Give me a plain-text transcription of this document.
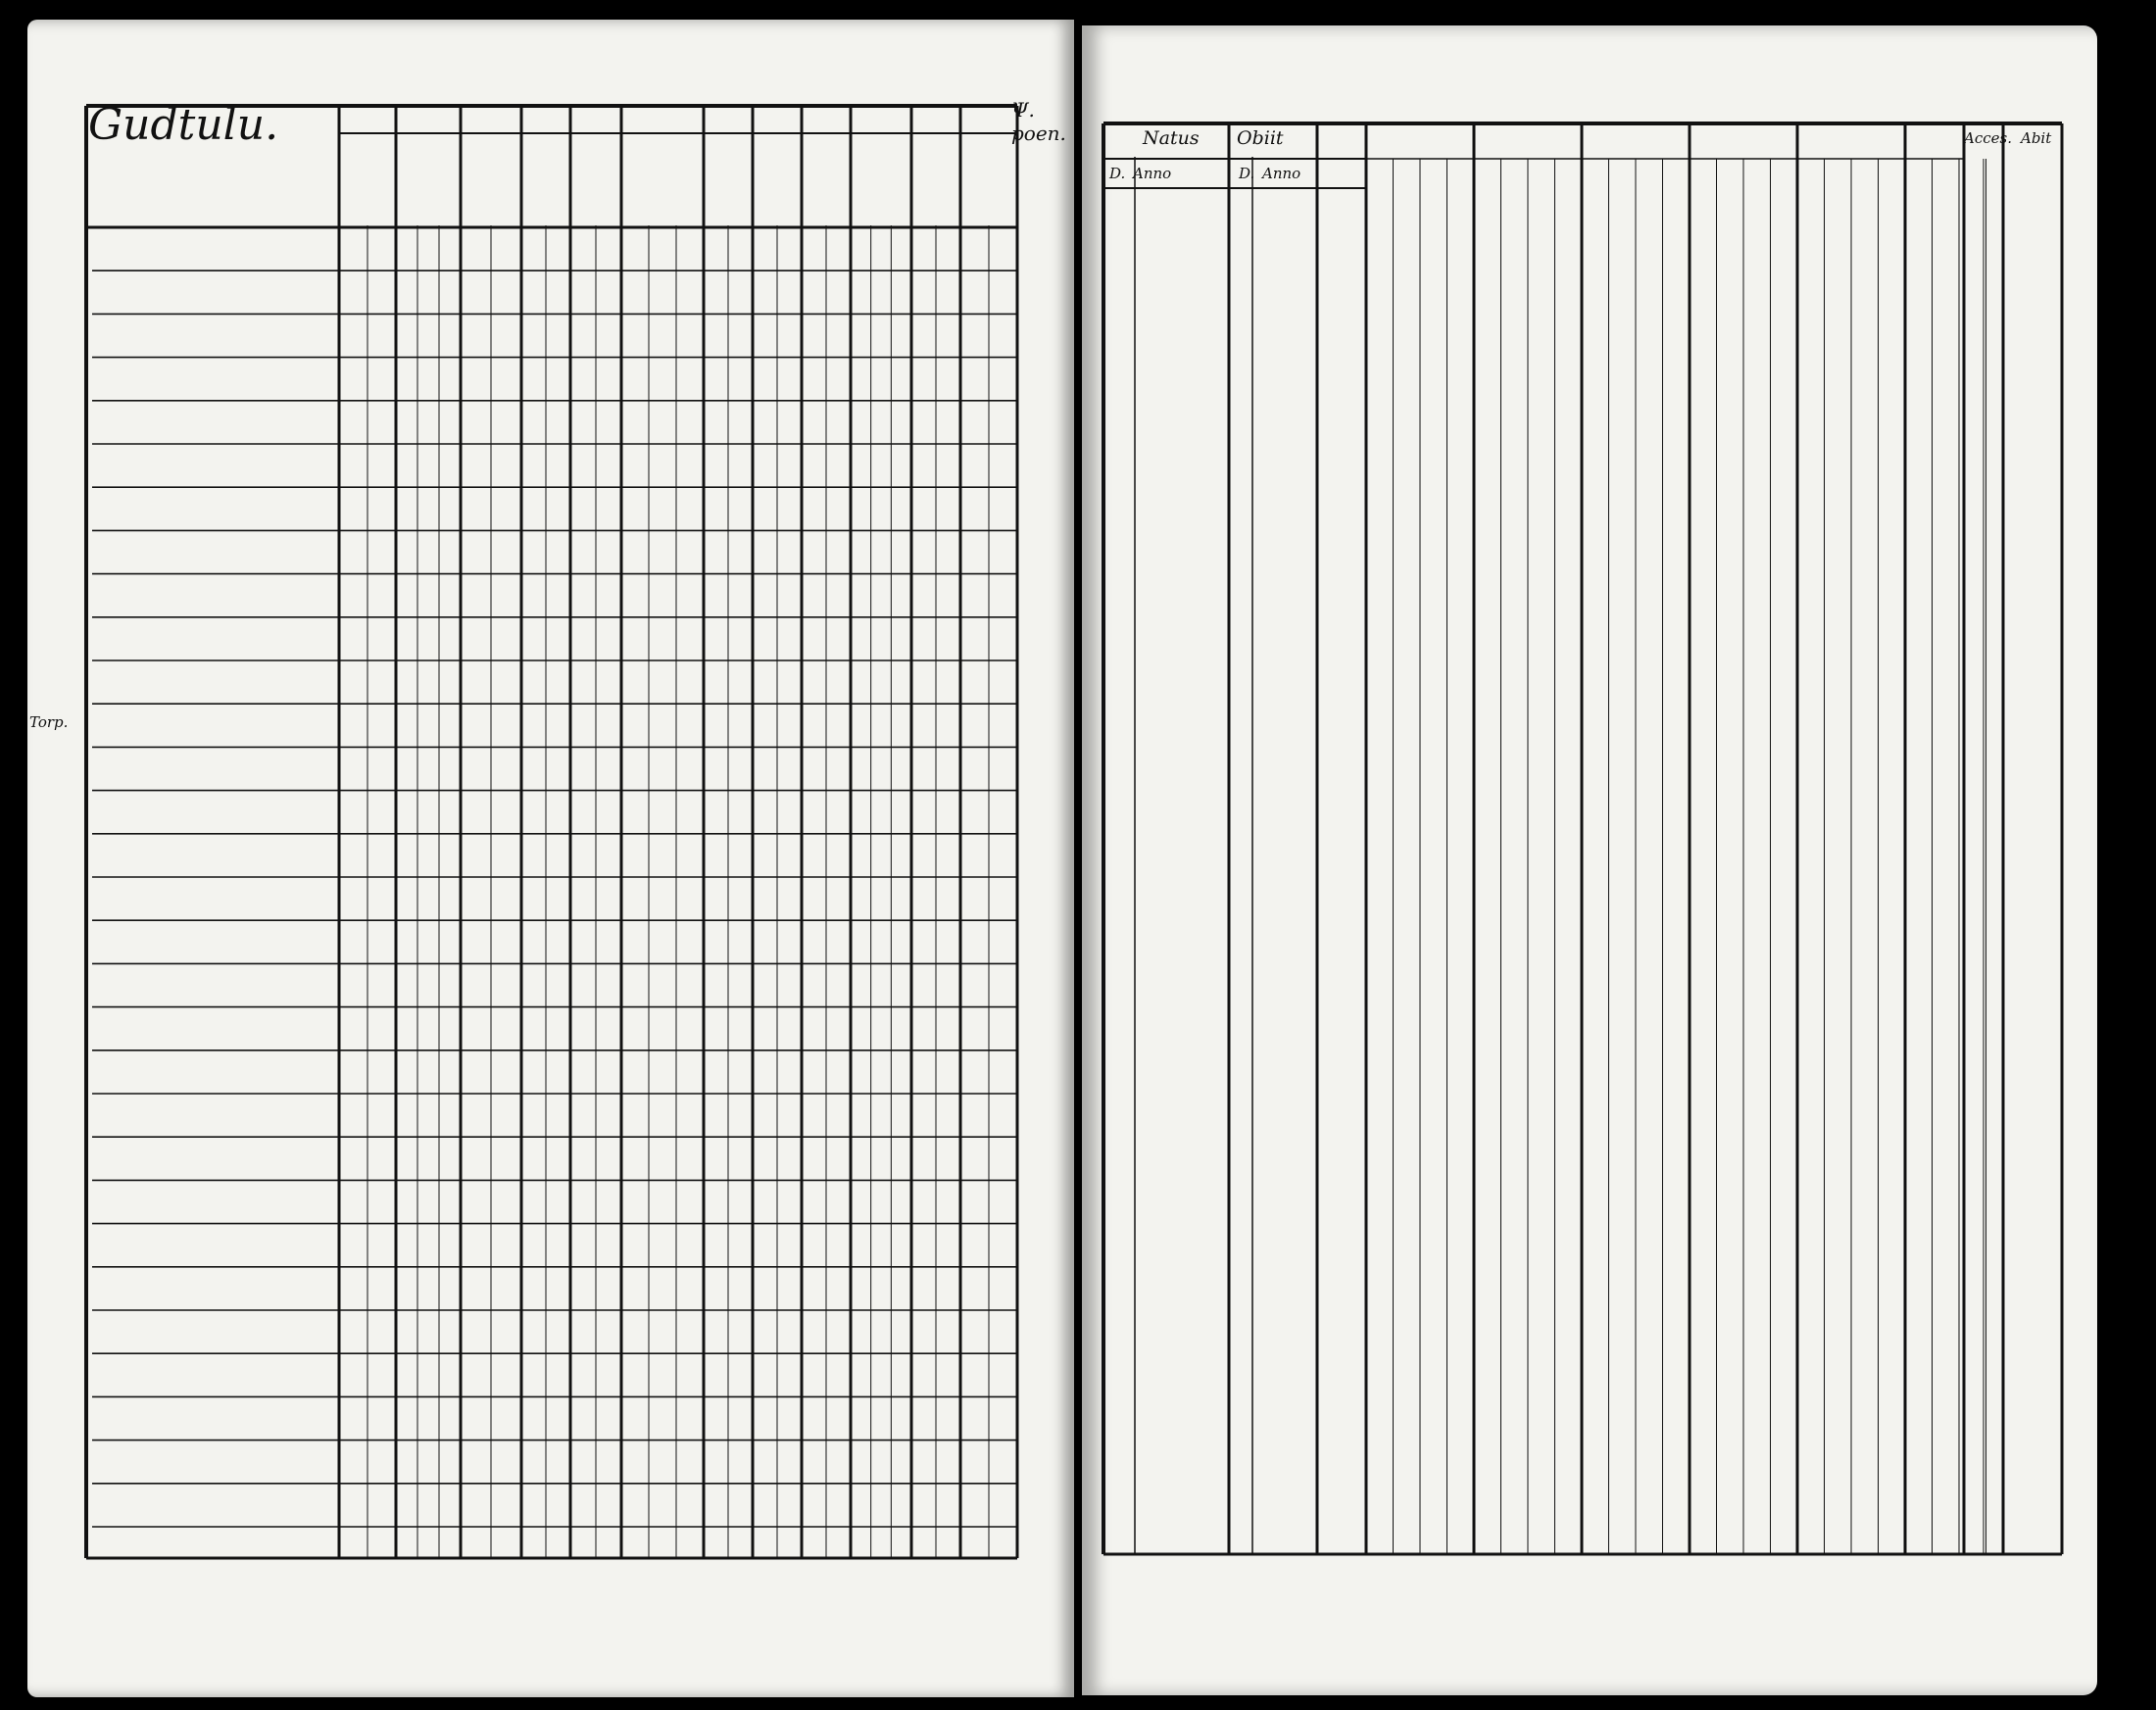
Gudtulu.	Ψ. poen.
Torp.
Natus Obiit
D. Anno	D. Anno
Acces. Abit
